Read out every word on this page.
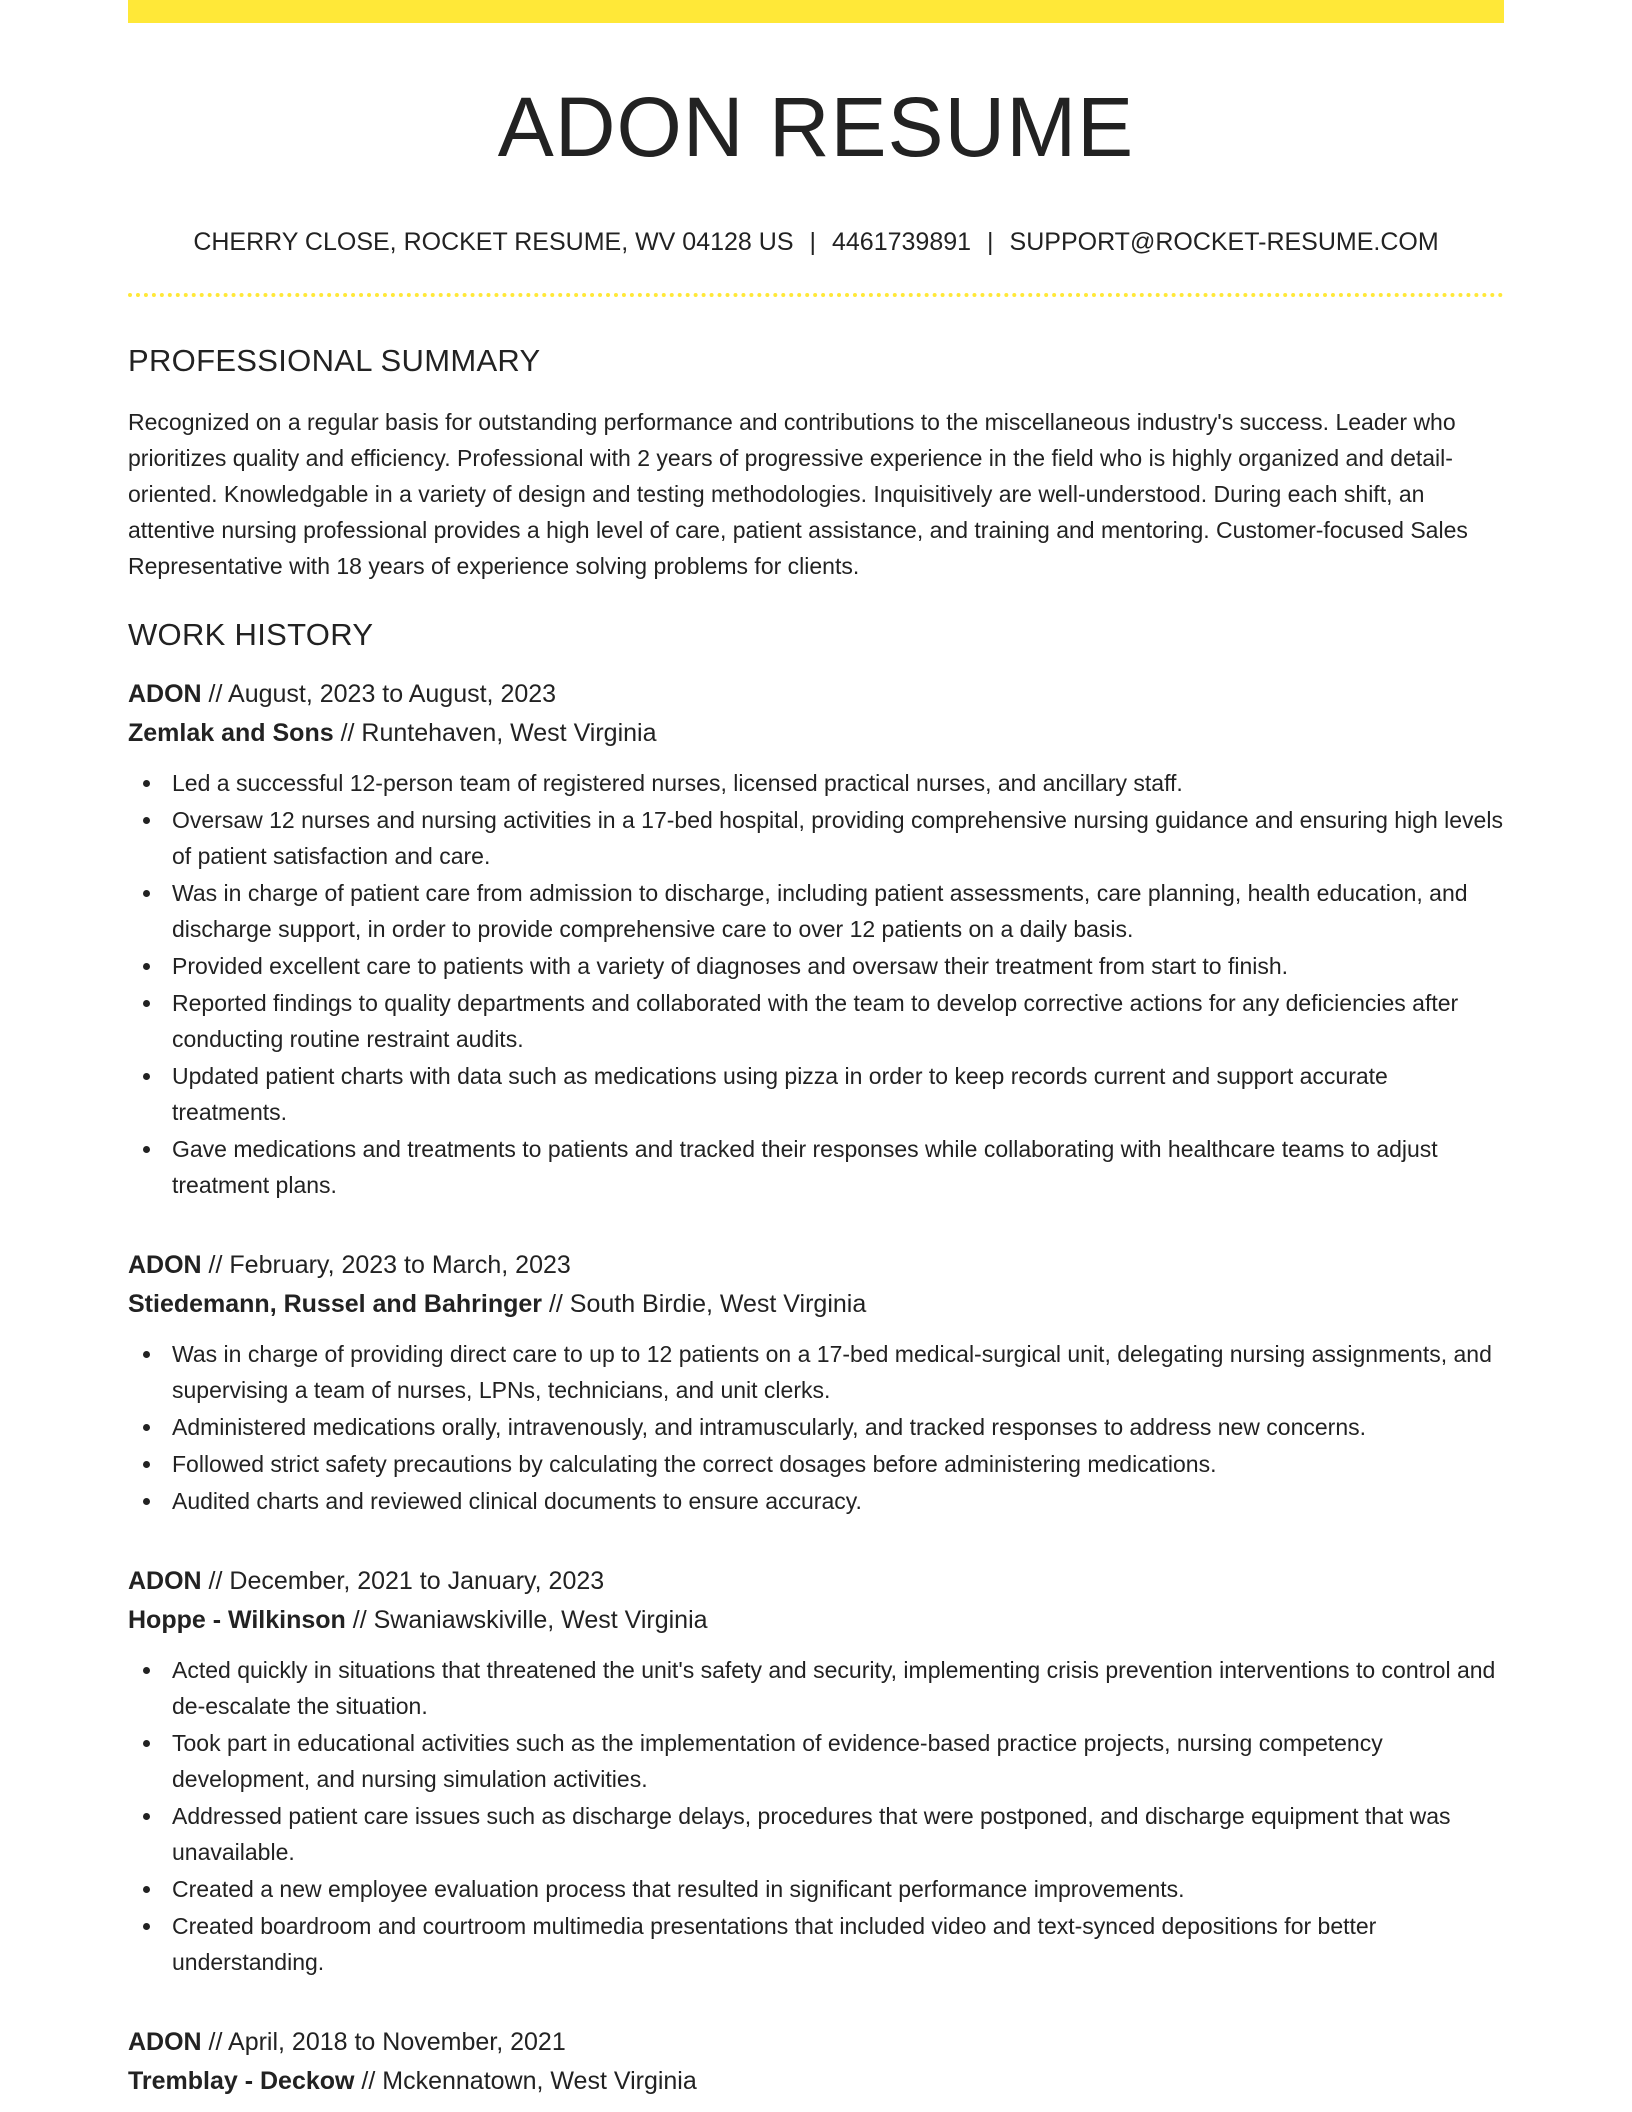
ADON RESUME
CHERRY CLOSE, ROCKET RESUME, WV 04128 US | 4461739891 | SUPPORT@ROCKET-RESUME.COM
PROFESSIONAL SUMMARY

Recognized on a regular basis for outstanding performance and contributions to the miscellaneous industry's success. Leader who prioritizes quality and efficiency. Professional with 2 years of progressive experience in the field who is highly organized and detail-oriented. Knowledgable in a variety of design and testing methodologies. Inquisitively are well-understood. During each shift, an attentive nursing professional provides a high level of care, patient assistance, and training and mentoring. Customer-focused Sales Representative with 18 years of experience solving problems for clients.

WORK HISTORY
ADON // August, 2023 to August, 2023
Zemlak and Sons // Runtehaven, West Virginia
Led a successful 12-person team of registered nurses, licensed practical nurses, and ancillary staff.
Oversaw 12 nurses and nursing activities in a 17-bed hospital, providing comprehensive nursing guidance and ensuring high levels of patient satisfaction and care.
Was in charge of patient care from admission to discharge, including patient assessments, care planning, health education, and discharge support, in order to provide comprehensive care to over 12 patients on a daily basis.
Provided excellent care to patients with a variety of diagnoses and oversaw their treatment from start to finish.
Reported findings to quality departments and collaborated with the team to develop corrective actions for any deficiencies after conducting routine restraint audits.
Updated patient charts with data such as medications using pizza in order to keep records current and support accurate treatments.
Gave medications and treatments to patients and tracked their responses while collaborating with healthcare teams to adjust treatment plans.
ADON // February, 2023 to March, 2023
Stiedemann, Russel and Bahringer // South Birdie, West Virginia
Was in charge of providing direct care to up to 12 patients on a 17-bed medical-surgical unit, delegating nursing assignments, and supervising a team of nurses, LPNs, technicians, and unit clerks.
Administered medications orally, intravenously, and intramuscularly, and tracked responses to address new concerns.
Followed strict safety precautions by calculating the correct dosages before administering medications.
Audited charts and reviewed clinical documents to ensure accuracy.
ADON // December, 2021 to January, 2023
Hoppe - Wilkinson // Swaniawskiville, West Virginia
Acted quickly in situations that threatened the unit's safety and security, implementing crisis prevention interventions to control and de-escalate the situation.
Took part in educational activities such as the implementation of evidence-based practice projects, nursing competency development, and nursing simulation activities.
Addressed patient care issues such as discharge delays, procedures that were postponed, and discharge equipment that was unavailable.
Created a new employee evaluation process that resulted in significant performance improvements.
Created boardroom and courtroom multimedia presentations that included video and text-synced depositions for better understanding.
ADON // April, 2018 to November, 2021
Tremblay - Deckow // Mckennatown, West Virginia
